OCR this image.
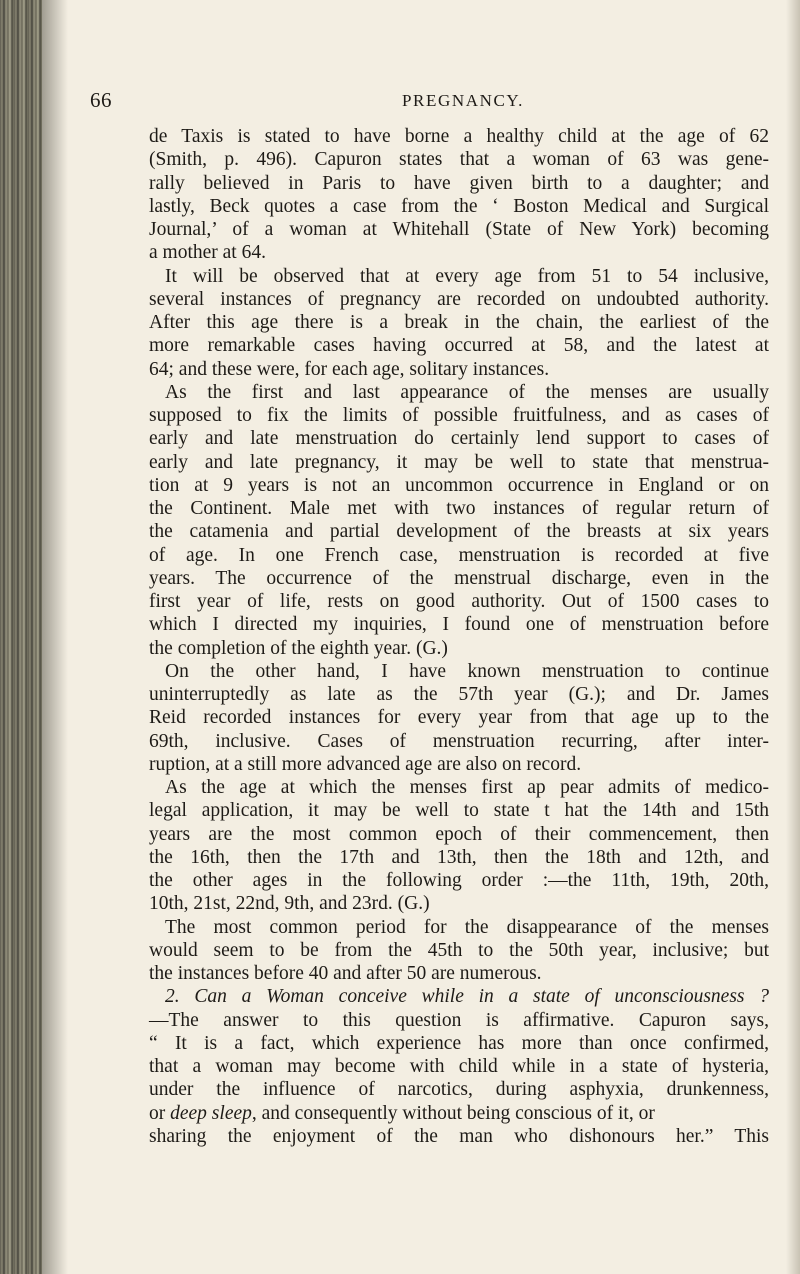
66	PREGNANCY.
de Taxis is stated to have borne a healthy child at the age of 62
(Smith, p. 496). Capuron states that a woman of 63 was gene-
rally believed in Paris to have given birth to a daughter; and
lastly, Beck quotes a case from the ‘ Boston Medical and Surgical
Journal,’ of a woman at Whitehall (State of New York) becoming
a mother at 64.
It will be observed that at every age from 51 to 54 inclusive,
several instances of pregnancy are recorded on undoubted authority.
After this age there is a break in the chain, the earliest of the
more remarkable cases having occurred at 58, and the latest at
64; and these were, for each age, solitary instances.
As the first and last appearance of the menses are usually
supposed to fix the limits of possible fruitfulness, and as cases of
early and late menstruation do certainly lend support to cases of
early and late pregnancy, it may be well to state that menstrua-
tion at 9 years is not an uncommon occurrence in England or on
the Continent. Male met with two instances of regular return of
the catamenia and partial development of the breasts at six years
of age. In one French case, menstruation is recorded at five
years. The occurrence of the menstrual discharge, even in the
first year of life, rests on good authority. Out of 1500 cases to
which I directed my inquiries, I found one of menstruation before
the completion of the eighth year. (G.)
On the other hand, I have known menstruation to continue
uninterruptedly as late as the 57th year (G.); and Dr. James
Reid recorded instances for every year from that age up to the
69th, inclusive. Cases of menstruation recurring, after inter-
ruption, at a still more advanced age are also on record.
As the age at which the menses first ap pear admits of medico-
legal application, it may be well to state t hat the 14th and 15th
years are the most common epoch of their commencement, then
the 16th, then the 17th and 13th, then the 18th and 12th, and
the other ages in the following order :—the 11th, 19th, 20th,
10th, 21st, 22nd, 9th, and 23rd. (G.)
The most common period for the disappearance of the menses
would seem to be from the 45th to the 50th year, inclusive; but
the instances before 40 and after 50 are numerous.
2. Can a Woman conceive while in a state of unconsciousness ?
—The answer to this question is affirmative. Capuron says,
“ It is a fact, which experience has more than once confirmed,
that a woman may become with child while in a state of hysteria,
under the influence of narcotics, during asphyxia, drunkenness,
or deep sleep, and consequently without being conscious of it, or
sharing the enjoyment of the man who dishonours her.” This
